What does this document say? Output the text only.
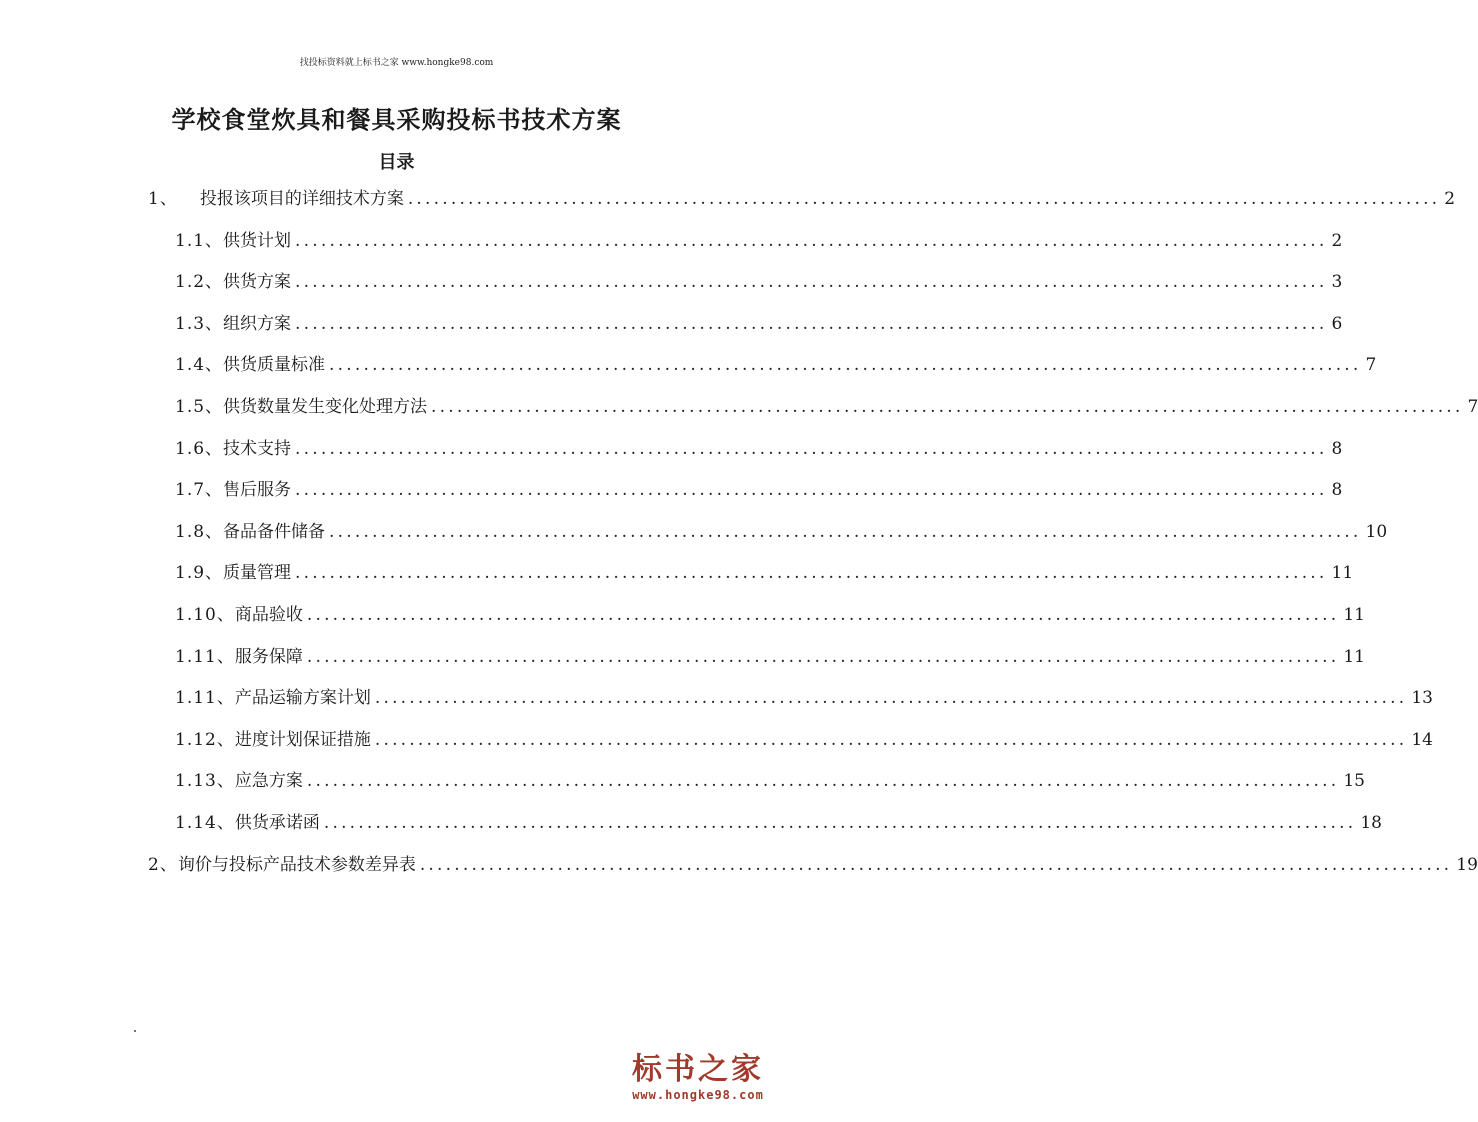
找投标资料就上标书之家 www.hongke98.com
学校食堂炊具和餐具采购投标书技术方案
目录
1、 投报该项目的详细技术方案 ........................................................................................................................ 2
1.1、 供货计划 ........................................................................................................................ 2
1.2、 供货方案 ........................................................................................................................ 3
1.3、 组织方案 ........................................................................................................................ 6
1.4、 供货质量标准 ........................................................................................................................ 7
1.5、 供货数量发生变化处理方法 ........................................................................................................................ 7
1.6、 技术支持 ........................................................................................................................ 8
1.7、 售后服务 ........................................................................................................................ 8
1.8、 备品备件储备 ........................................................................................................................ 10
1.9、 质量管理 ........................................................................................................................ 11
1.10、 商品验收 ........................................................................................................................ 11
1.11、 服务保障 ........................................................................................................................ 11
1.11、 产品运输方案计划 ........................................................................................................................ 13
1.12、 进度计划保证措施 ........................................................................................................................ 14
1.13、 应急方案 ........................................................................................................................ 15
1.14、 供货承诺函 ........................................................................................................................ 18
2、 询价与投标产品技术参数差异表 ........................................................................................................................ 19
标书之家
www.hongke98.com
